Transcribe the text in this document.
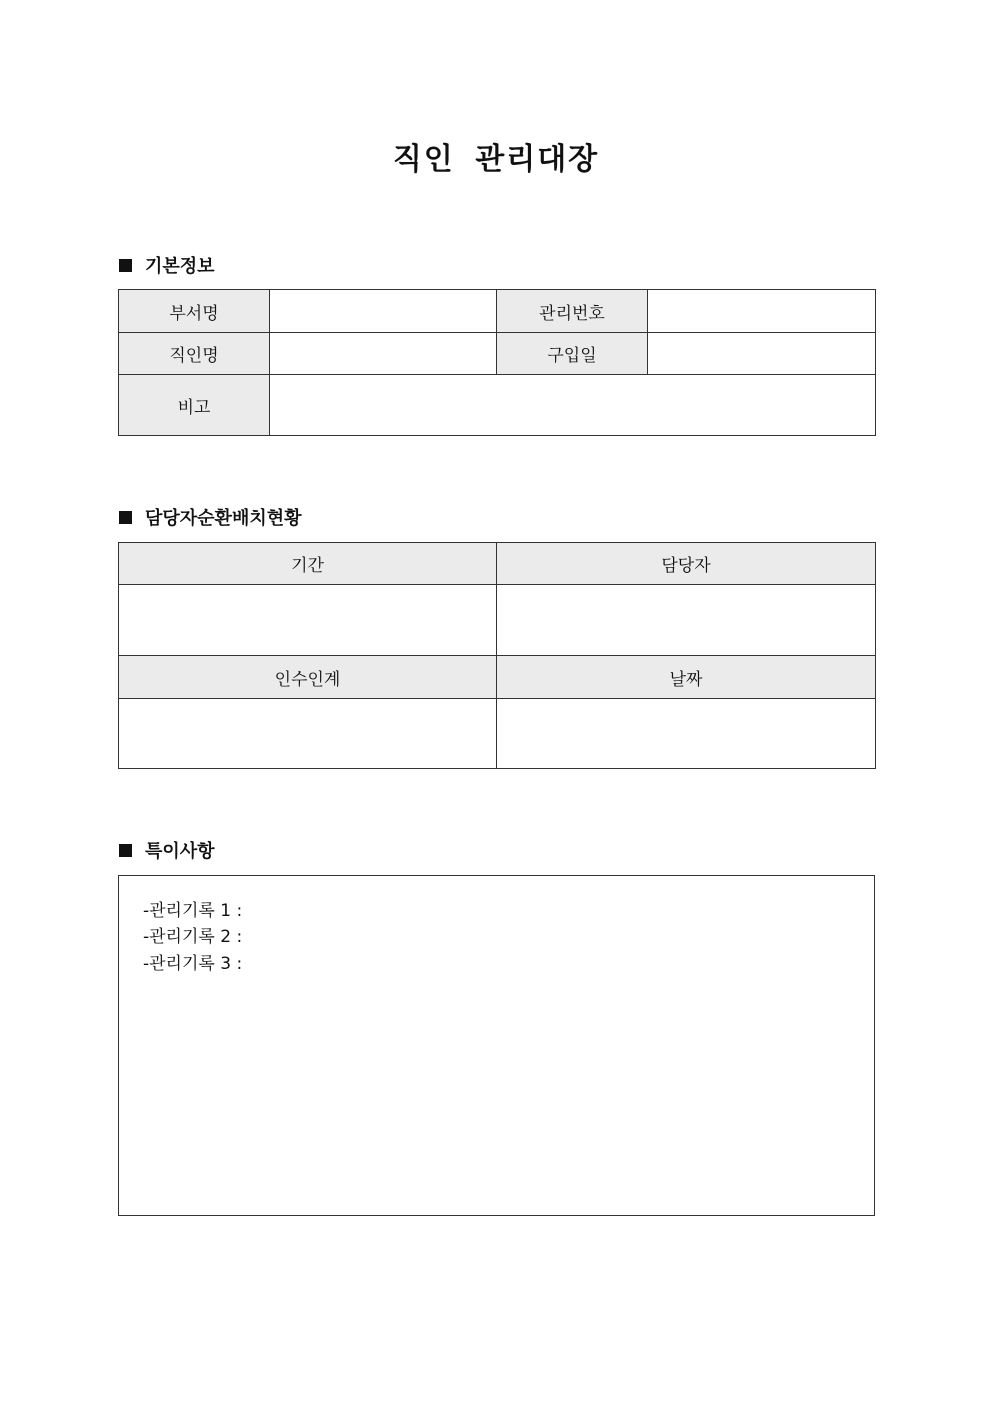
직인 관리대장
기본정보
부서명		관리번호	
직인명		구입일	
비고			
담당자순환배치현황
기간	담당자

인수인계	날짜

특이사항
-관리기록 1 :
-관리기록 2 :
-관리기록 3 :
